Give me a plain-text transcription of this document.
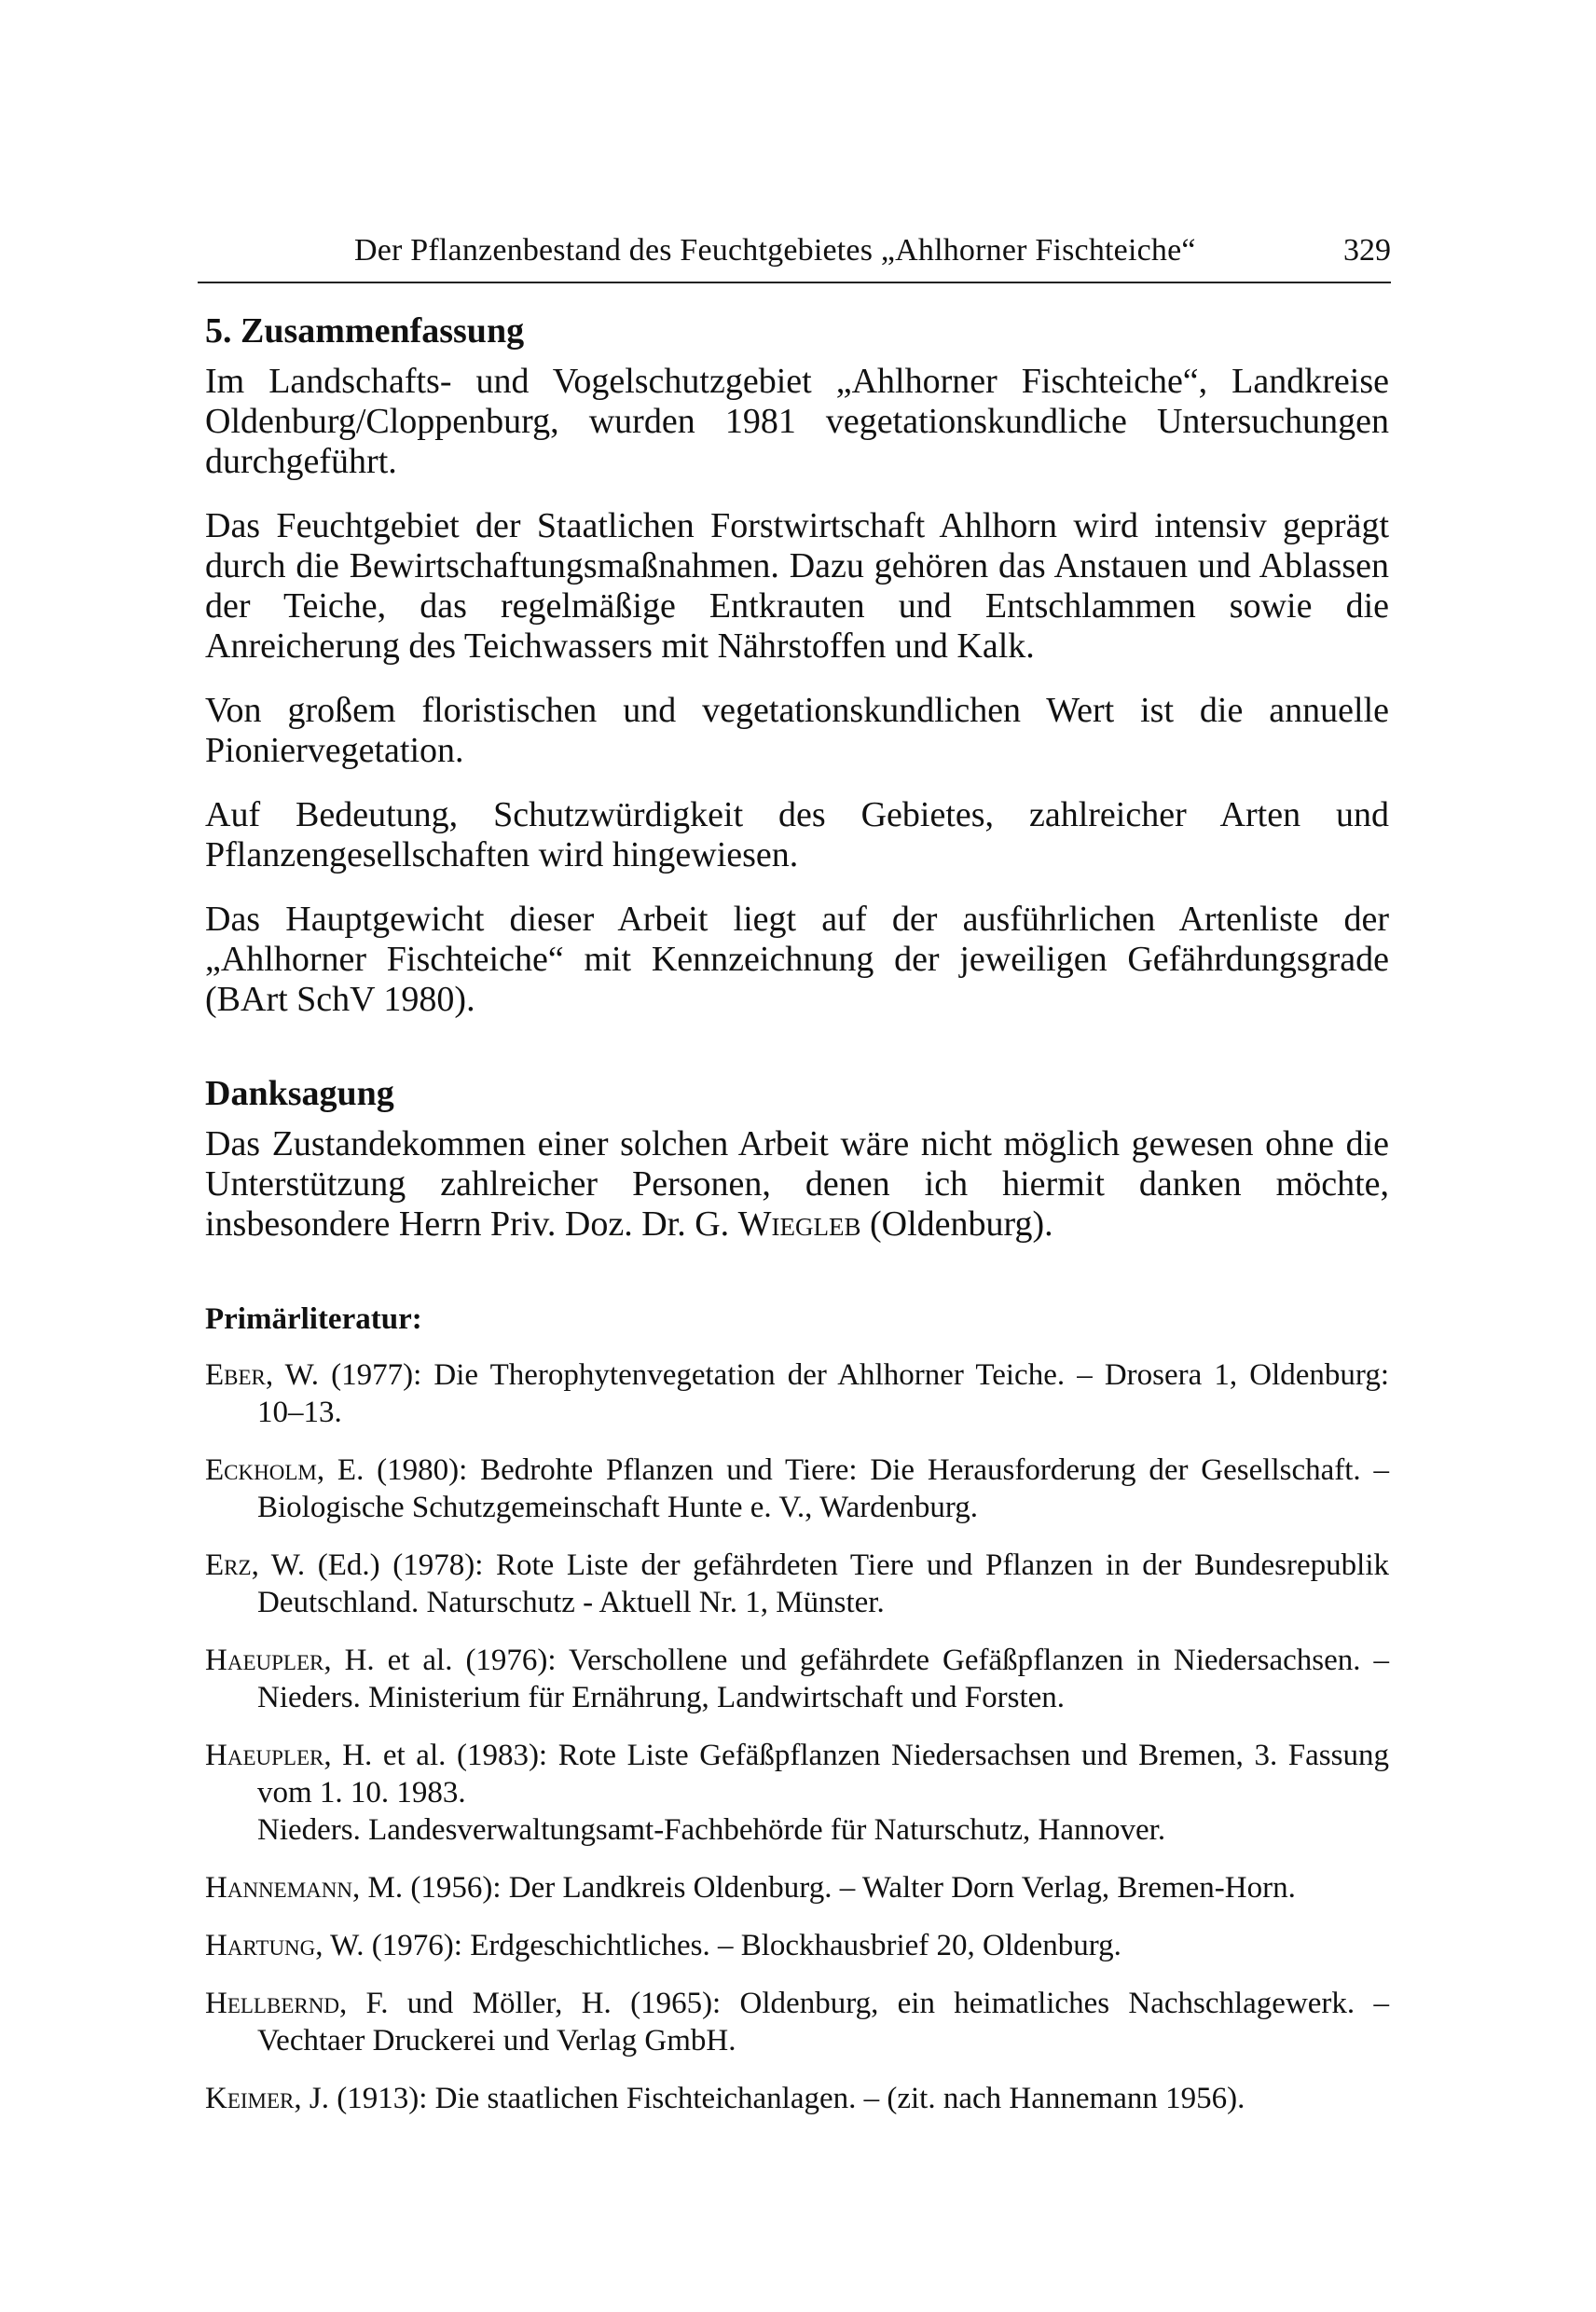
Der Pflanzenbestand des Feuchtgebietes „Ahlhorner Fischteiche“	329
5. Zusammenfassung

Im Landschafts- und Vogelschutzgebiet „Ahlhorner Fischteiche“, Landkreise Oldenburg/Cloppenburg, wurden 1981 vegetationskundliche Untersuchungen durchgeführt.

Das Feuchtgebiet der Staatlichen Forstwirtschaft Ahlhorn wird intensiv geprägt durch die Bewirtschaftungsmaßnahmen. Dazu gehören das Anstauen und Ablassen der Teiche, das regelmäßige Entkrauten und Entschlammen sowie die Anreicherung des Teichwassers mit Nährstoffen und Kalk.

Von großem floristischen und vegetationskundlichen Wert ist die annuelle Pioniervegetation.

Auf Bedeutung, Schutzwürdigkeit des Gebietes, zahlreicher Arten und Pflanzengesellschaften wird hingewiesen.

Das Hauptgewicht dieser Arbeit liegt auf der ausführlichen Artenliste der „Ahlhorner Fischteiche“ mit Kennzeichnung der jeweiligen Gefährdungsgrade (BArt SchV 1980).

Danksagung

Das Zustandekommen einer solchen Arbeit wäre nicht möglich gewesen ohne die Unterstützung zahlreicher Personen, denen ich hiermit danken möchte, insbesondere Herrn Priv. Doz. Dr. G. Wiegleb (Oldenburg).

Primärliteratur:
Eber, W. (1977): Die Therophytenvegetation der Ahlhorner Teiche. – Drosera 1, Oldenburg: 10–13.
Eckholm, E. (1980): Bedrohte Pflanzen und Tiere: Die Herausforderung der Gesellschaft. – Biologische Schutzgemeinschaft Hunte e. V., Wardenburg.
Erz, W. (Ed.) (1978): Rote Liste der gefährdeten Tiere und Pflanzen in der Bundesrepublik Deutschland. Naturschutz - Aktuell Nr. 1, Münster.
Haeupler, H. et al. (1976): Verschollene und gefährdete Gefäßpflanzen in Niedersachsen. – Nieders. Ministerium für Ernährung, Landwirtschaft und Forsten.
Haeupler, H. et al. (1983): Rote Liste Gefäßpflanzen Niedersachsen und Bremen, 3. Fassung vom 1. 10. 1983.
Nieders. Landesverwaltungsamt-Fachbehörde für Naturschutz, Hannover.
Hannemann, M. (1956): Der Landkreis Oldenburg. – Walter Dorn Verlag, Bremen-Horn.
Hartung, W. (1976): Erdgeschichtliches. – Blockhausbrief 20, Oldenburg.
Hellbernd, F. und Möller, H. (1965): Oldenburg, ein heimatliches Nachschlagewerk. – Vechtaer Druckerei und Verlag GmbH.
Keimer, J. (1913): Die staatlichen Fischteichanlagen. – (zit. nach Hannemann 1956).
